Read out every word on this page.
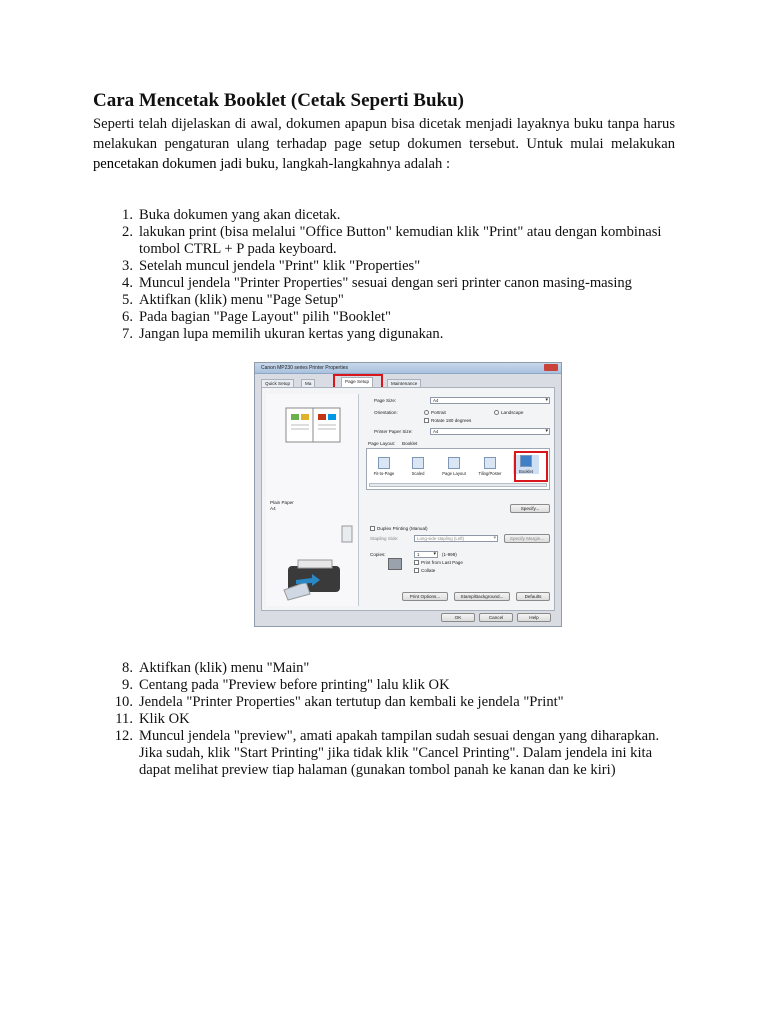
Cara Mencetak Booklet (Cetak Seperti Buku)

Seperti telah dijelaskan di awal, dokumen apapun bisa dicetak menjadi layaknya buku tanpa harus melakukan pengaturan ulang terhadap page setup dokumen tersebut. Untuk mulai melakukan pencetakan dokumen jadi buku, langkah-langkahnya adalah :

1. Buka dokumen yang akan dicetak.
2. lakukan print (bisa melalui "Office Button" kemudian klik "Print" atau dengan kombinasi tombol CTRL + P pada keyboard.
3. Setelah muncul jendela "Print" klik "Properties"
4. Muncul jendela "Printer Properties" sesuai dengan seri printer canon masing-masing
5. Aktifkan (klik) menu "Page Setup"
6. Pada bagian "Page Layout" pilih "Booklet"
7. Jangan lupa memilih ukuran kertas yang digunakan.
Canon MP230 series Printer Properties
Quick Setup	Ma	Page Setup	Maintenance
Plain Paper
A4
Page Size:	A4 ▾
Orientation:	Portrait	Landscape
Rotate 180 degrees
Printer Paper Size:	A4 ▾
Page Layout: Booklet
Fit-to-Page	Scaled	Page Layout	Tiling/Poster	Booklet
Specify...
Duplex Printing (Manual)
Stapling Side:	Long-side stapling (Left) ▾	Specify Margin...
Copies:	1 ▾	(1-999)
Print from Last Page
Collate
Print Options...	Stamp/Background...	Defaults
OK	Cancel	Help
8. Aktifkan (klik) menu "Main"
9. Centang pada "Preview before printing" lalu klik OK
10. Jendela "Printer Properties" akan tertutup dan kembali ke jendela "Print"
11. Klik OK
12. Muncul jendela "preview", amati apakah tampilan sudah sesuai dengan yang diharapkan. Jika sudah, klik "Start Printing" jika tidak klik "Cancel Printing". Dalam jendela ini kita dapat melihat preview tiap halaman (gunakan tombol panah ke kanan dan ke kiri)
